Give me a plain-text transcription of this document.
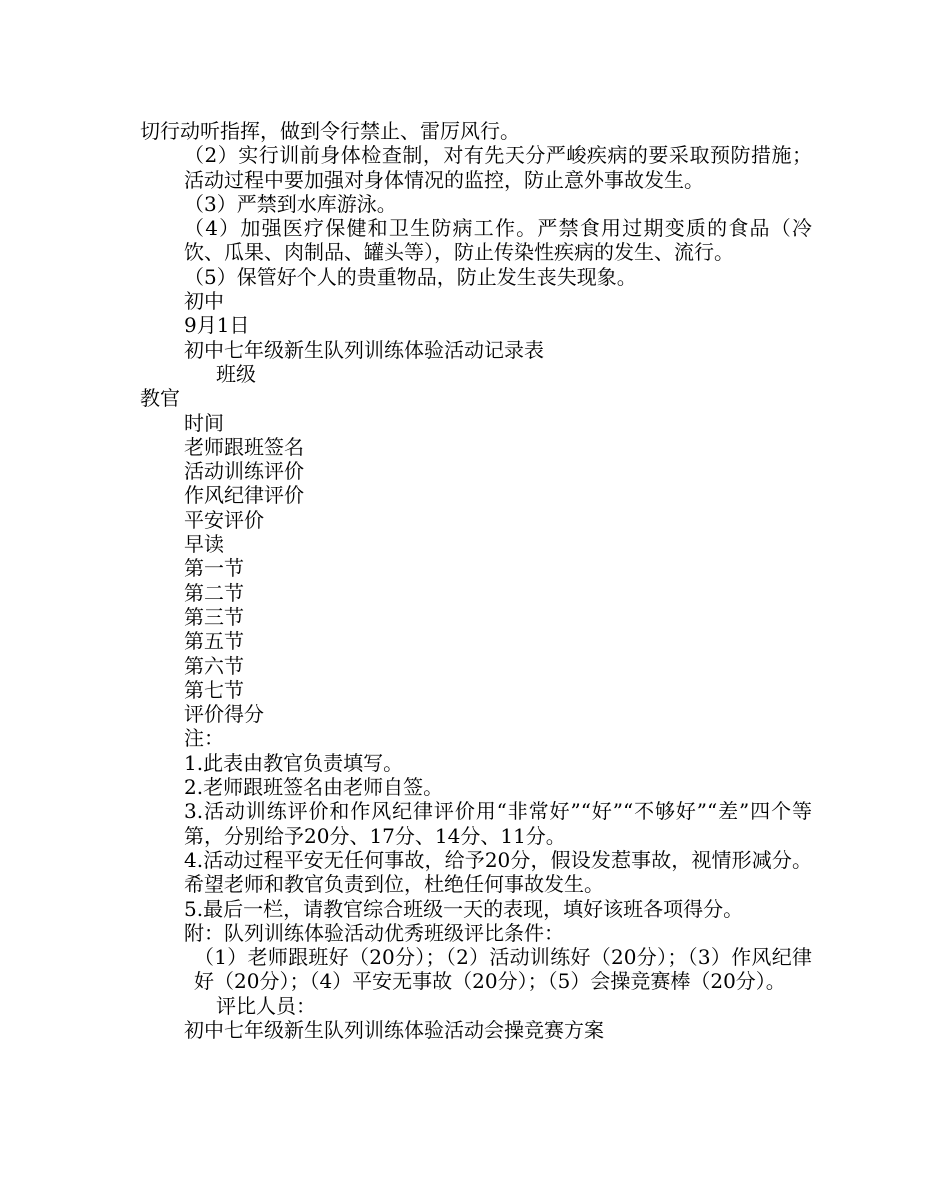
切行动听指挥，做到令行禁止、雷厉风行。

（2）实行训前身体检查制，对有先天分严峻疾病的要采取预防措施；活动过程中要加强对身体情况的监控，防止意外事故发生。

（3）严禁到水库游泳。

（4）加强医疗保健和卫生防病工作。严禁食用过期变质的食品（冷饮、瓜果、肉制品、罐头等），防止传染性疾病的发生、流行。

（5）保管好个人的贵重物品，防止发生丧失现象。

初中

9月1日

初中七年级新生队列训练体验活动记录表

班级

教官

时间

老师跟班签名

活动训练评价

作风纪律评价

平安评价

早读

第一节

第二节

第三节

第五节

第六节

第七节

评价得分

注：

1.此表由教官负责填写。

2.老师跟班签名由老师自签。

3.活动训练评价和作风纪律评价用“非常好”“好”“不够好”“差”四个等第，分别给予20分、17分、14分、11分。

4.活动过程平安无任何事故，给予20分，假设发惹事故，视情形减分。希望老师和教官负责到位，杜绝任何事故发生。

5.最后一栏，请教官综合班级一天的表现，填好该班各项得分。

附：队列训练体验活动优秀班级评比条件：

（1）老师跟班好（20分）；（2）活动训练好（20分）；（3）作风纪律好（20分）；（4）平安无事故（20分）；（5）会操竞赛棒（20分）。

评比人员：

初中七年级新生队列训练体验活动会操竞赛方案
